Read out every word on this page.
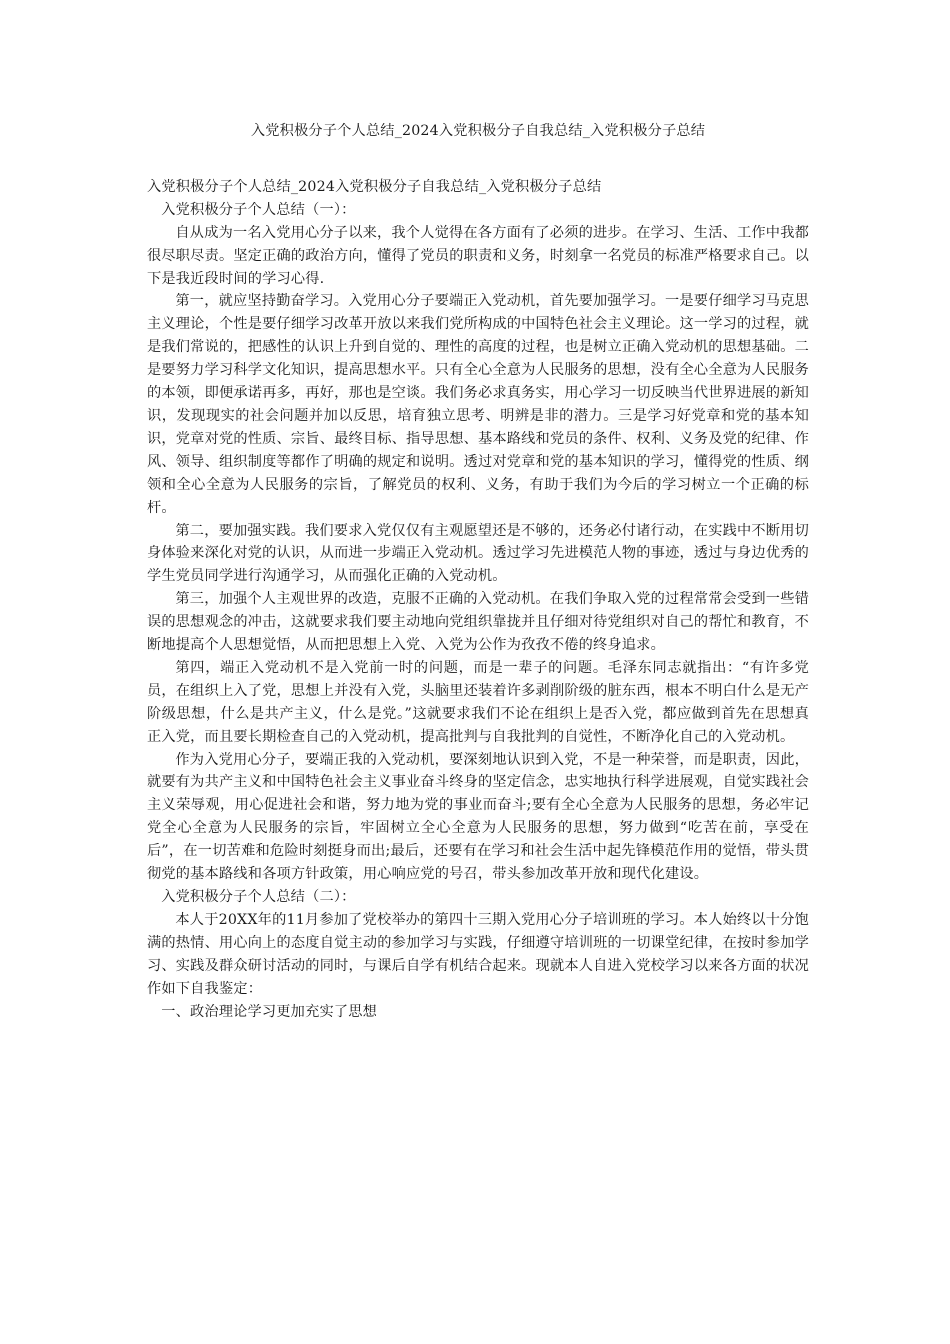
入党积极分子个人总结_2024入党积极分子自我总结_入党积极分子总结

入党积极分子个人总结_2024入党积极分子自我总结_入党积极分子总结

入党积极分子个人总结（一）：

自从成为一名入党用心分子以来，我个人觉得在各方面有了必须的进步。在学习、生活、工作中我都很尽职尽责。坚定正确的政治方向，懂得了党员的职责和义务，时刻拿一名党员的标准严格要求自己。以下是我近段时间的学习心得.

第一，就应坚持勤奋学习。入党用心分子要端正入党动机，首先要加强学习。一是要仔细学习马克思主义理论，个性是要仔细学习改革开放以来我们党所构成的中国特色社会主义理论。这一学习的过程，就是我们常说的，把感性的认识上升到自觉的、理性的高度的过程，也是树立正确入党动机的思想基础。二是要努力学习科学文化知识，提高思想水平。只有全心全意为人民服务的思想，没有全心全意为人民服务的本领，即便承诺再多，再好，那也是空谈。我们务必求真务实，用心学习一切反映当代世界进展的新知识，发现现实的社会问题并加以反思，培育独立思考、明辨是非的潜力。三是学习好党章和党的基本知识，党章对党的性质、宗旨、最终目标、指导思想、基本路线和党员的条件、权利、义务及党的纪律、作风、领导、组织制度等都作了明确的规定和说明。透过对党章和党的基本知识的学习，懂得党的性质、纲领和全心全意为人民服务的宗旨，了解党员的权利、义务，有助于我们为今后的学习树立一个正确的标杆。

第二，要加强实践。我们要求入党仅仅有主观愿望还是不够的，还务必付诸行动，在实践中不断用切身体验来深化对党的认识，从而进一步端正入党动机。透过学习先进模范人物的事迹，透过与身边优秀的学生党员同学进行沟通学习，从而强化正确的入党动机。

第三，加强个人主观世界的改造，克服不正确的入党动机。在我们争取入党的过程常常会受到一些错误的思想观念的冲击，这就要求我们要主动地向党组织靠拢并且仔细对待党组织对自己的帮忙和教育，不断地提高个人思想觉悟，从而把思想上入党、入党为公作为孜孜不倦的终身追求。

第四，端正入党动机不是入党前一时的问题，而是一辈子的问题。毛泽东同志就指出：“有许多党员，在组织上入了党，思想上并没有入党，头脑里还装着许多剥削阶级的脏东西，根本不明白什么是无产阶级思想，什么是共产主义，什么是党。”这就要求我们不论在组织上是否入党，都应做到首先在思想真正入党，而且要长期检查自己的入党动机，提高批判与自我批判的自觉性，不断净化自己的入党动机。

作为入党用心分子，要端正我的入党动机，要深刻地认识到入党，不是一种荣誉，而是职责，因此，就要有为共产主义和中国特色社会主义事业奋斗终身的坚定信念，忠实地执行科学进展观，自觉实践社会主义荣辱观，用心促进社会和谐，努力地为党的事业而奋斗;要有全心全意为人民服务的思想，务必牢记党全心全意为人民服务的宗旨，牢固树立全心全意为人民服务的思想，努力做到“吃苦在前，享受在后”，在一切苦难和危险时刻挺身而出;最后，还要有在学习和社会生活中起先锋模范作用的觉悟，带头贯彻党的基本路线和各项方针政策，用心响应党的号召，带头参加改革开放和现代化建设。

入党积极分子个人总结（二）：

本人于20XX年的11月参加了党校举办的第四十三期入党用心分子培训班的学习。本人始终以十分饱满的热情、用心向上的态度自觉主动的参加学习与实践，仔细遵守培训班的一切课堂纪律，在按时参加学习、实践及群众研讨活动的同时，与课后自学有机结合起来。现就本人自进入党校学习以来各方面的状况作如下自我鉴定：

一、政治理论学习更加充实了思想
